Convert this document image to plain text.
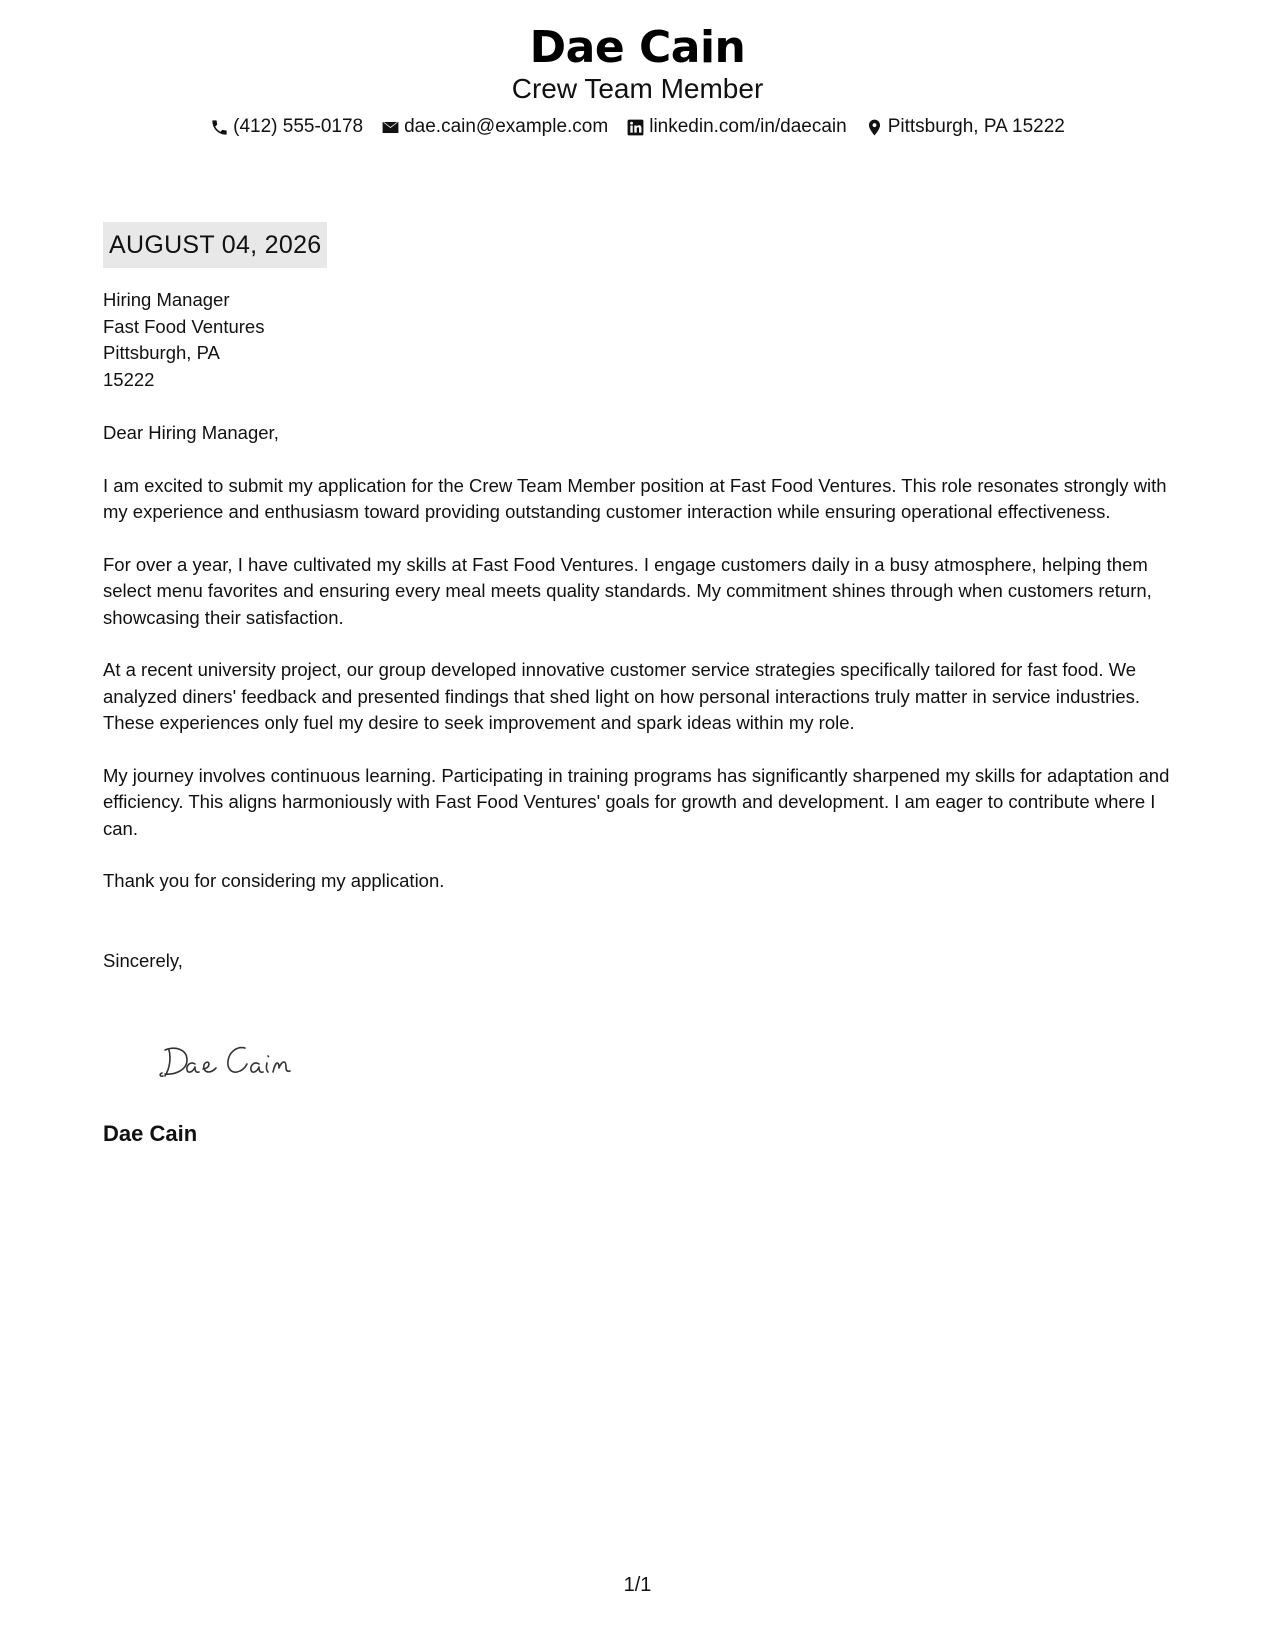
Dae Cain
Crew Team Member
(412) 555-0178 dae.cain@example.com linkedin.com/in/daecain Pittsburgh, PA 15222
AUGUST 04, 2026
Hiring Manager
Fast Food Ventures
Pittsburgh, PA
15222
Dear Hiring Manager,
I am excited to submit my application for the Crew Team Member position at Fast Food Ventures. This role resonates strongly with my experience and enthusiasm toward providing outstanding customer interaction while ensuring operational effectiveness.
For over a year, I have cultivated my skills at Fast Food Ventures. I engage customers daily in a busy atmosphere, helping them select menu favorites and ensuring every meal meets quality standards. My commitment shines through when customers return, showcasing their satisfaction.
At a recent university project, our group developed innovative customer service strategies specifically tailored for fast food. We analyzed diners' feedback and presented findings that shed light on how personal interactions truly matter in service industries. These experiences only fuel my desire to seek improvement and spark ideas within my role.
My journey involves continuous learning. Participating in training programs has significantly sharpened my skills for adaptation and efficiency. This aligns harmoniously with Fast Food Ventures' goals for growth and development. I am eager to contribute where I can.
Thank you for considering my application.
Sincerely,
Dae Cain
1/1
